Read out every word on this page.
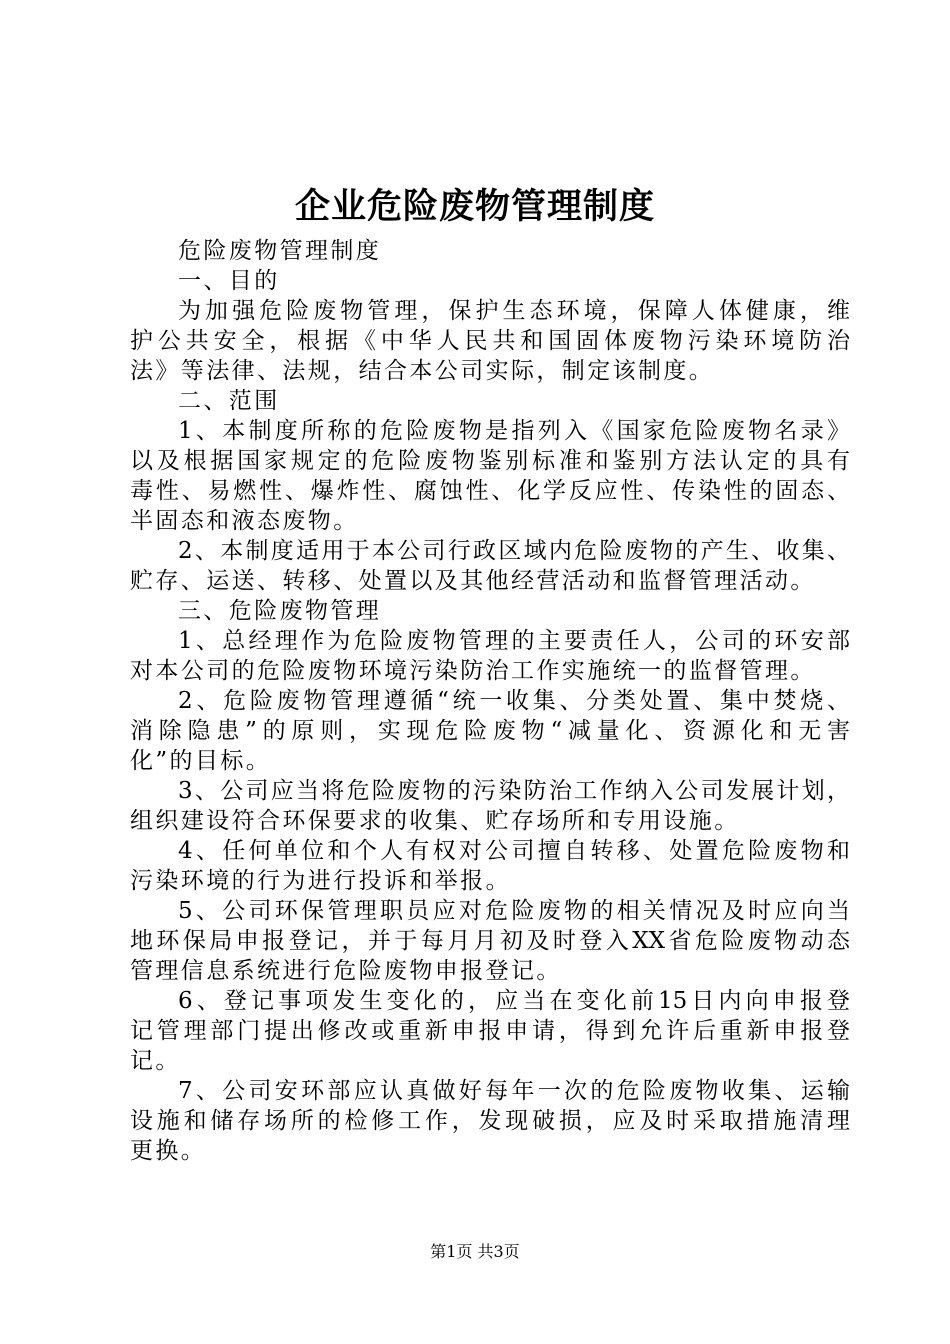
企业危险废物管理制度
危险废物管理制度
一、目的
为加强危险废物管理，保护生态环境，保障人体健康，维
护公共安全，根据《中华人民共和国固体废物污染环境防治
法》等法律、法规，结合本公司实际，制定该制度。
二、范围
1、本制度所称的危险废物是指列入《国家危险废物名录》
以及根据国家规定的危险废物鉴别标准和鉴别方法认定的具有
毒性、易燃性、爆炸性、腐蚀性、化学反应性、传染性的固态、
半固态和液态废物。
2、本制度适用于本公司行政区域内危险废物的产生、收集、
贮存、运送、转移、处置以及其他经营活动和监督管理活动。
三、危险废物管理
1、总经理作为危险废物管理的主要责任人，公司的环安部
对本公司的危险废物环境污染防治工作实施统一的监督管理。
2、危险废物管理遵循“统一收集、分类处置、集中焚烧、
消除隐患”的原则，实现危险废物“减量化、资源化和无害
化”的目标。
3、公司应当将危险废物的污染防治工作纳入公司发展计划，
组织建设符合环保要求的收集、贮存场所和专用设施。
4、任何单位和个人有权对公司擅自转移、处置危险废物和
污染环境的行为进行投诉和举报。
5、公司环保管理职员应对危险废物的相关情况及时应向当
地环保局申报登记，并于每月月初及时登入XX省危险废物动态
管理信息系统进行危险废物申报登记。
6、登记事项发生变化的，应当在变化前15日内向申报登
记管理部门提出修改或重新申报申请，得到允许后重新申报登
记。
7、公司安环部应认真做好每年一次的危险废物收集、运输
设施和储存场所的检修工作，发现破损，应及时采取措施清理
更换。
第1页 共3页
